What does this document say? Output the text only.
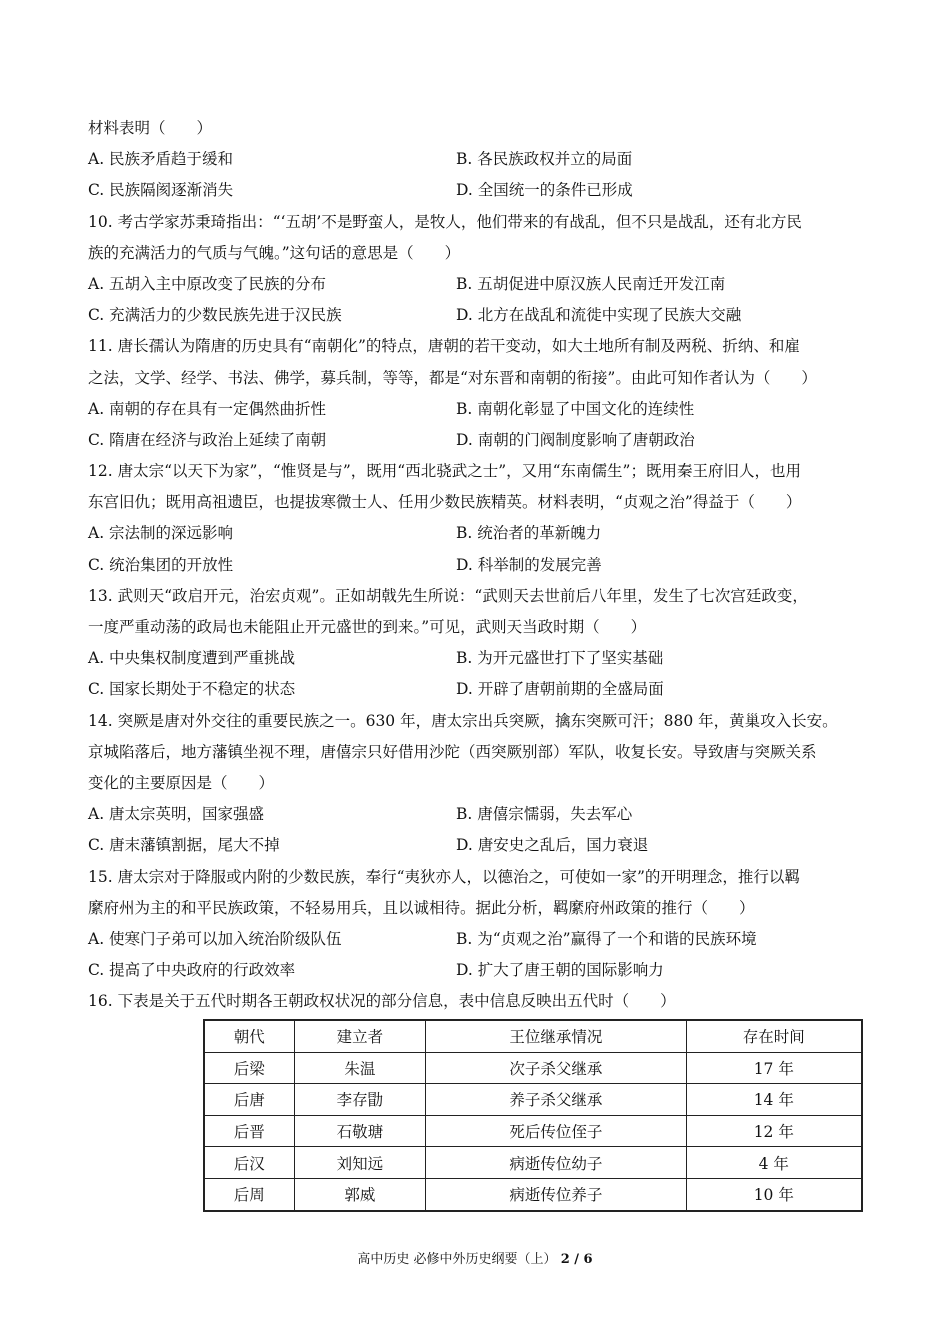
材料表明（　　）
A. 民族矛盾趋于缓和	B. 各民族政权并立的局面
C. 民族隔阂逐渐消失	D. 全国统一的条件已形成
10. 考古学家苏秉琦指出：“‘五胡’不是野蛮人，是牧人，他们带来的有战乱，但不只是战乱，还有北方民
族的充满活力的气质与气魄。”这句话的意思是（　　）
A. 五胡入主中原改变了民族的分布	B. 五胡促进中原汉族人民南迁开发江南
C. 充满活力的少数民族先进于汉民族	D. 北方在战乱和流徙中实现了民族大交融
11. 唐长孺认为隋唐的历史具有“南朝化”的特点，唐朝的若干变动，如大土地所有制及两税、折纳、和雇
之法，文学、经学、书法、佛学，募兵制，等等，都是“对东晋和南朝的衔接”。由此可知作者认为（　　）
A. 南朝的存在具有一定偶然曲折性	B. 南朝化彰显了中国文化的连续性
C. 隋唐在经济与政治上延续了南朝	D. 南朝的门阀制度影响了唐朝政治
12. 唐太宗“以天下为家”，“惟贤是与”，既用“西北骁武之士”，又用“东南儒生”；既用秦王府旧人，也用
东宫旧仇；既用高祖遗臣，也提拔寒微士人、任用少数民族精英。材料表明，“贞观之治”得益于（　　）
A. 宗法制的深远影响	B. 统治者的革新魄力
C. 统治集团的开放性	D. 科举制的发展完善
13. 武则天“政启开元，治宏贞观”。正如胡戟先生所说：“武则天去世前后八年里，发生了七次宫廷政变，
一度严重动荡的政局也未能阻止开元盛世的到来。”可见，武则天当政时期（　　）
A. 中央集权制度遭到严重挑战	B. 为开元盛世打下了坚实基础
C. 国家长期处于不稳定的状态	D. 开辟了唐朝前期的全盛局面
14. 突厥是唐对外交往的重要民族之一。630 年，唐太宗出兵突厥，擒东突厥可汗；880 年，黄巢攻入长安。
京城陷落后，地方藩镇坐视不理，唐僖宗只好借用沙陀（西突厥别部）军队，收复长安。导致唐与突厥关系
变化的主要原因是（　　）
A. 唐太宗英明，国家强盛	B. 唐僖宗懦弱，失去军心
C. 唐末藩镇割据，尾大不掉	D. 唐安史之乱后，国力衰退
15. 唐太宗对于降服或内附的少数民族，奉行“夷狄亦人，以德治之，可使如一家”的开明理念，推行以羁
縻府州为主的和平民族政策，不轻易用兵，且以诚相待。据此分析，羁縻府州政策的推行（　　）
A. 使寒门子弟可以加入统治阶级队伍	B. 为“贞观之治”赢得了一个和谐的民族环境
C. 提高了中央政府的行政效率	D. 扩大了唐王朝的国际影响力
16. 下表是关于五代时期各王朝政权状况的部分信息，表中信息反映出五代时（　　）
朝代	建立者	王位继承情况	存在时间
后梁	朱温	次子杀父继承	17 年
后唐	李存勖	养子杀父继承	14 年
后晋	石敬瑭	死后传位侄子	12 年
后汉	刘知远	病逝传位幼子	4 年
后周	郭威	病逝传位养子	10 年
高中历史 必修中外历史纲要（上） 2 / 6
